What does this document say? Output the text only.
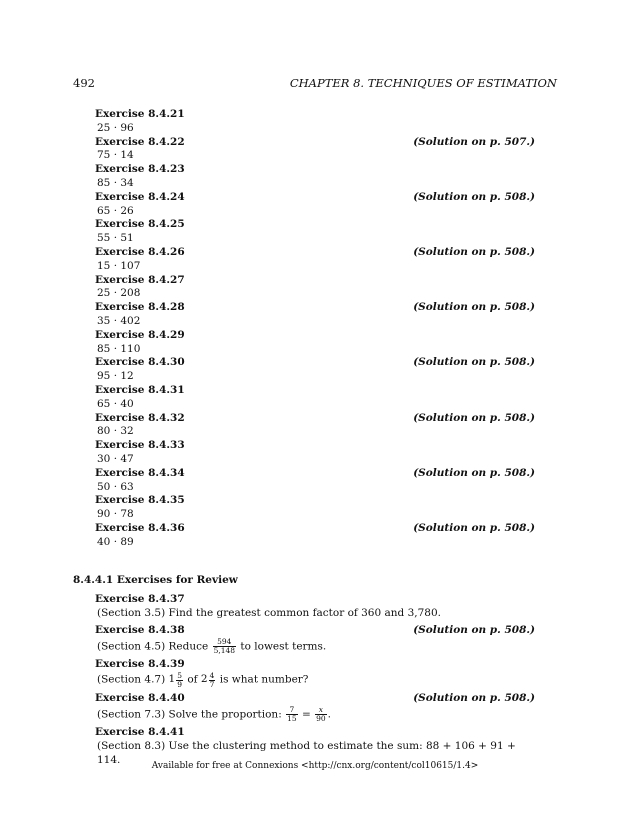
492	CHAPTER 8. TECHNIQUES OF ESTIMATION
Exercise 8.4.21
25 · 96
Exercise 8.4.22	(Solution on p. 507.)
75 · 14
Exercise 8.4.23
85 · 34
Exercise 8.4.24	(Solution on p. 508.)
65 · 26
Exercise 8.4.25
55 · 51
Exercise 8.4.26	(Solution on p. 508.)
15 · 107
Exercise 8.4.27
25 · 208
Exercise 8.4.28	(Solution on p. 508.)
35 · 402
Exercise 8.4.29
85 · 110
Exercise 8.4.30	(Solution on p. 508.)
95 · 12
Exercise 8.4.31
65 · 40
Exercise 8.4.32	(Solution on p. 508.)
80 · 32
Exercise 8.4.33
30 · 47
Exercise 8.4.34	(Solution on p. 508.)
50 · 63
Exercise 8.4.35
90 · 78
Exercise 8.4.36	(Solution on p. 508.)
40 · 89
8.4.4.1 Exercises for Review
Exercise 8.4.37
(Section 3.5) Find the greatest common factor of 360 and 3,780.
Exercise 8.4.38	(Solution on p. 508.)
(Section 4.5) Reduce $\frac{594}{5,148}$ to lowest terms.
Exercise 8.4.39
(Section 4.7) $1 \frac{5}{9}$ of $2 \frac{4}{7}$ is what number?
Exercise 8.4.40	(Solution on p. 508.)
(Section 7.3) Solve the proportion: $\frac{7}{15} = \frac{x}{90}$ .
Exercise 8.4.41
(Section 8.3) Use the clustering method to estimate the sum: 88 + 106 + 91 + 114.
Available for free at Connexions <http://cnx.org/content/col10615/1.4>
